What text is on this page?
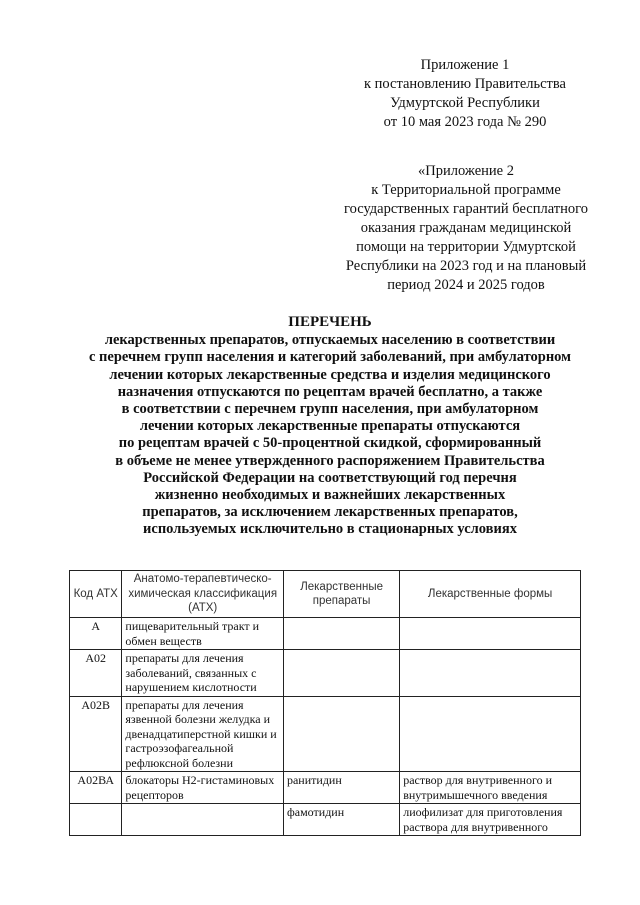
Приложение 1
к постановлению Правительства
Удмуртской Республики
от 10 мая 2023 года № 290
«Приложение 2
к Территориальной программе
государственных гарантий бесплатного
оказания гражданам медицинской
помощи на территории Удмуртской
Республики на 2023 год и на плановый
период 2024 и 2025 годов
ПЕРЕЧЕНЬ
лекарственных препаратов, отпускаемых населению в соответствии
с перечнем групп населения и категорий заболеваний, при амбулаторном
лечении которых лекарственные средства и изделия медицинского
назначения отпускаются по рецептам врачей бесплатно, а также
в соответствии с перечнем групп населения, при амбулаторном
лечении которых лекарственные препараты отпускаются
по рецептам врачей с 50-процентной скидкой, сформированный
в объеме не менее утвержденного распоряжением Правительства
Российской Федерации на соответствующий год перечня
жизненно необходимых и важнейших лекарственных
препаратов, за исключением лекарственных препаратов,
используемых исключительно в стационарных условиях
Код АТХ	Анатомо-терапевтическо-химическая классификация (АТХ)	Лекарственные препараты	Лекарственные формы
А	пищеварительный тракт и обмен веществ		
А02	препараты для лечения заболеваний, связанных с нарушением кислотности		
А02В	препараты для лечения язвенной болезни желудка и двенадцатиперстной кишки и гастроэзофагеальной рефлюксной болезни		
А02ВА	блокаторы Н2-гистаминовых рецепторов	ранитидин	раствор для внутривенного и внутримышечного введения
		фамотидин	лиофилизат для приготовления раствора для внутривенного
